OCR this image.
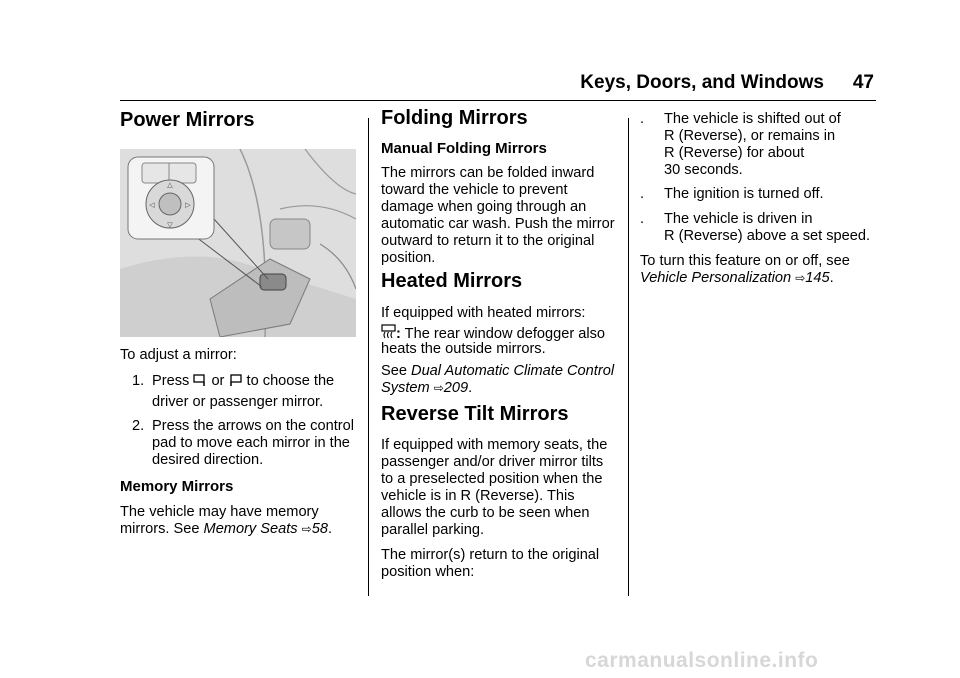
Keys, Doors, and Windows 47
Power Mirrors
△
▽
◁	▷

To adjust a mirror:

1. Press or to choose the

driver or passenger mirror.

2. Press the arrows on the control

pad to move each mirror in the

desired direction.

Memory Mirrors

The vehicle may have memory

mirrors. See Memory Seats ⇨58.

Folding Mirrors
Manual Folding Mirrors

The mirrors can be folded inward

toward the vehicle to prevent

damage when going through an

automatic car wash. Push the mirror

outward to return it to the original

position.

Heated Mirrors

If equipped with heated mirrors:

: The rear window defogger also

heats the outside mirrors.

See Dual Automatic Climate Control

System ⇨209.

Reverse Tilt Mirrors

If equipped with memory seats, the

passenger and/or driver mirror tilts

to a preselected position when the

vehicle is in R (Reverse). This

allows the curb to be seen when

parallel parking.

The mirror(s) return to the original

position when:

. The vehicle is shifted out of

R (Reverse), or remains in

R (Reverse) for about

30 seconds.

. The ignition is turned off.

. The vehicle is driven in

R (Reverse) above a set speed.

To turn this feature on or off, see

Vehicle Personalization ⇨145.

carmanualsonline.info
